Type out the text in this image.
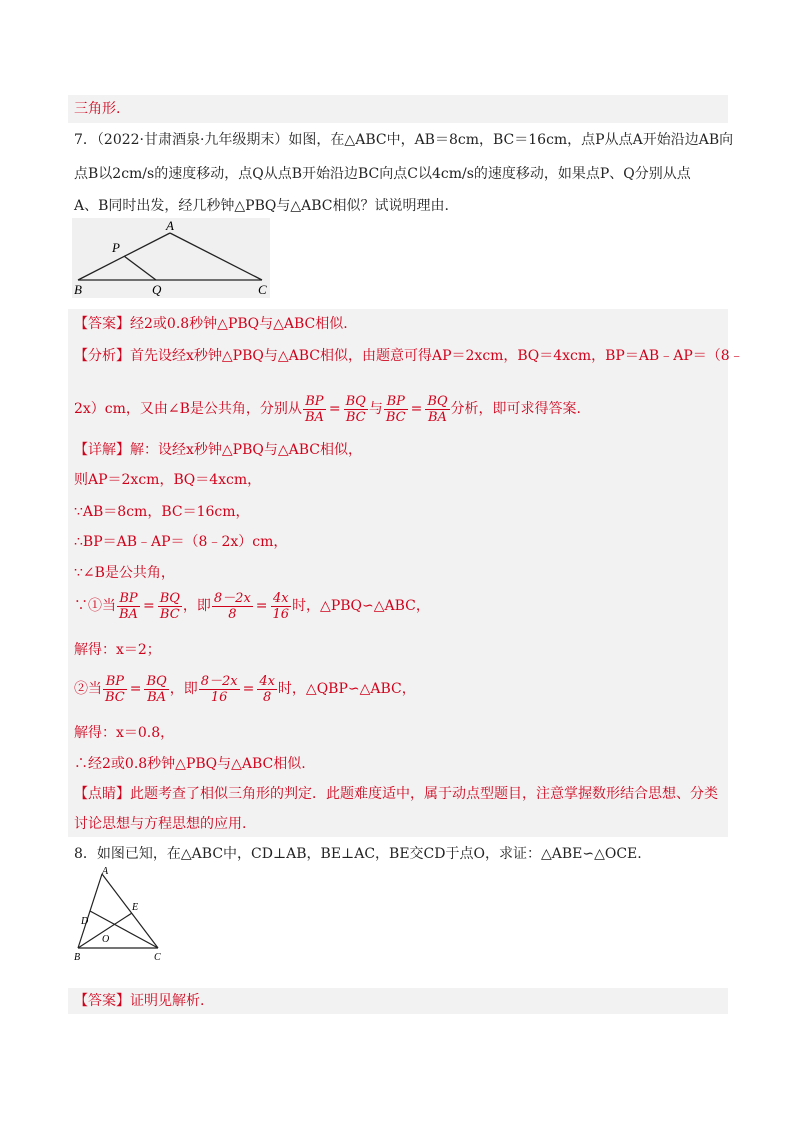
三角形.
7．（2022·甘肃酒泉·九年级期末）如图，在△ABC中，AB＝8cm，BC＝16cm，点P从点A开始沿边AB向
点B以2cm/s的速度移动，点Q从点B开始沿边BC向点C以4cm/s的速度移动，如果点P、Q分别从点
A、B同时出发，经几秒钟△PBQ与△ABC相似？试说明理由.
A
P
B	Q	C
【答案】经2或0.8秒钟△PBQ与△ABC相似.
【分析】首先设经x秒钟△PBQ与△ABC相似，由题意可得AP＝2xcm，BQ＝4xcm，BP＝AB﹣AP＝（8﹣
2x）cm，又由∠B是公共角，分别从 $\frac{BP}{BA} = \frac{BQ}{BC}$ 与 $\frac{BP}{BC} = \frac{BQ}{BA}$ 分析，即可求得答案.
【详解】解：设经x秒钟△PBQ与△ABC相似，
则AP＝2xcm，BQ＝4xcm，
∵AB＝8cm，BC＝16cm，
∴BP＝AB﹣AP＝（8﹣2x）cm，
∵∠B是公共角，
∵①当 $\frac{BP}{BA} = \frac{BQ}{BC}$ ，即 $\frac{8-2x}{8} = \frac{4x}{16}$ 时，△PBQ∽△ABC，
解得：x＝2；
②当 $\frac{BP}{BC} = \frac{BQ}{BA}$ ，即 $\frac{8-2x}{16} = \frac{4x}{8}$ 时，△QBP∽△ABC，
解得：x＝0.8，
∴经2或0.8秒钟△PBQ与△ABC相似.
【点睛】此题考查了相似三角形的判定．此题难度适中，属于动点型题目，注意掌握数形结合思想、分类
讨论思想与方程思想的应用.
8．如图已知，在△ABC中，CD⊥AB，BE⊥AC，BE交CD于点O，求证：△ABE∽△OCE.
A
D
E
O
B	C
【答案】证明见解析.
